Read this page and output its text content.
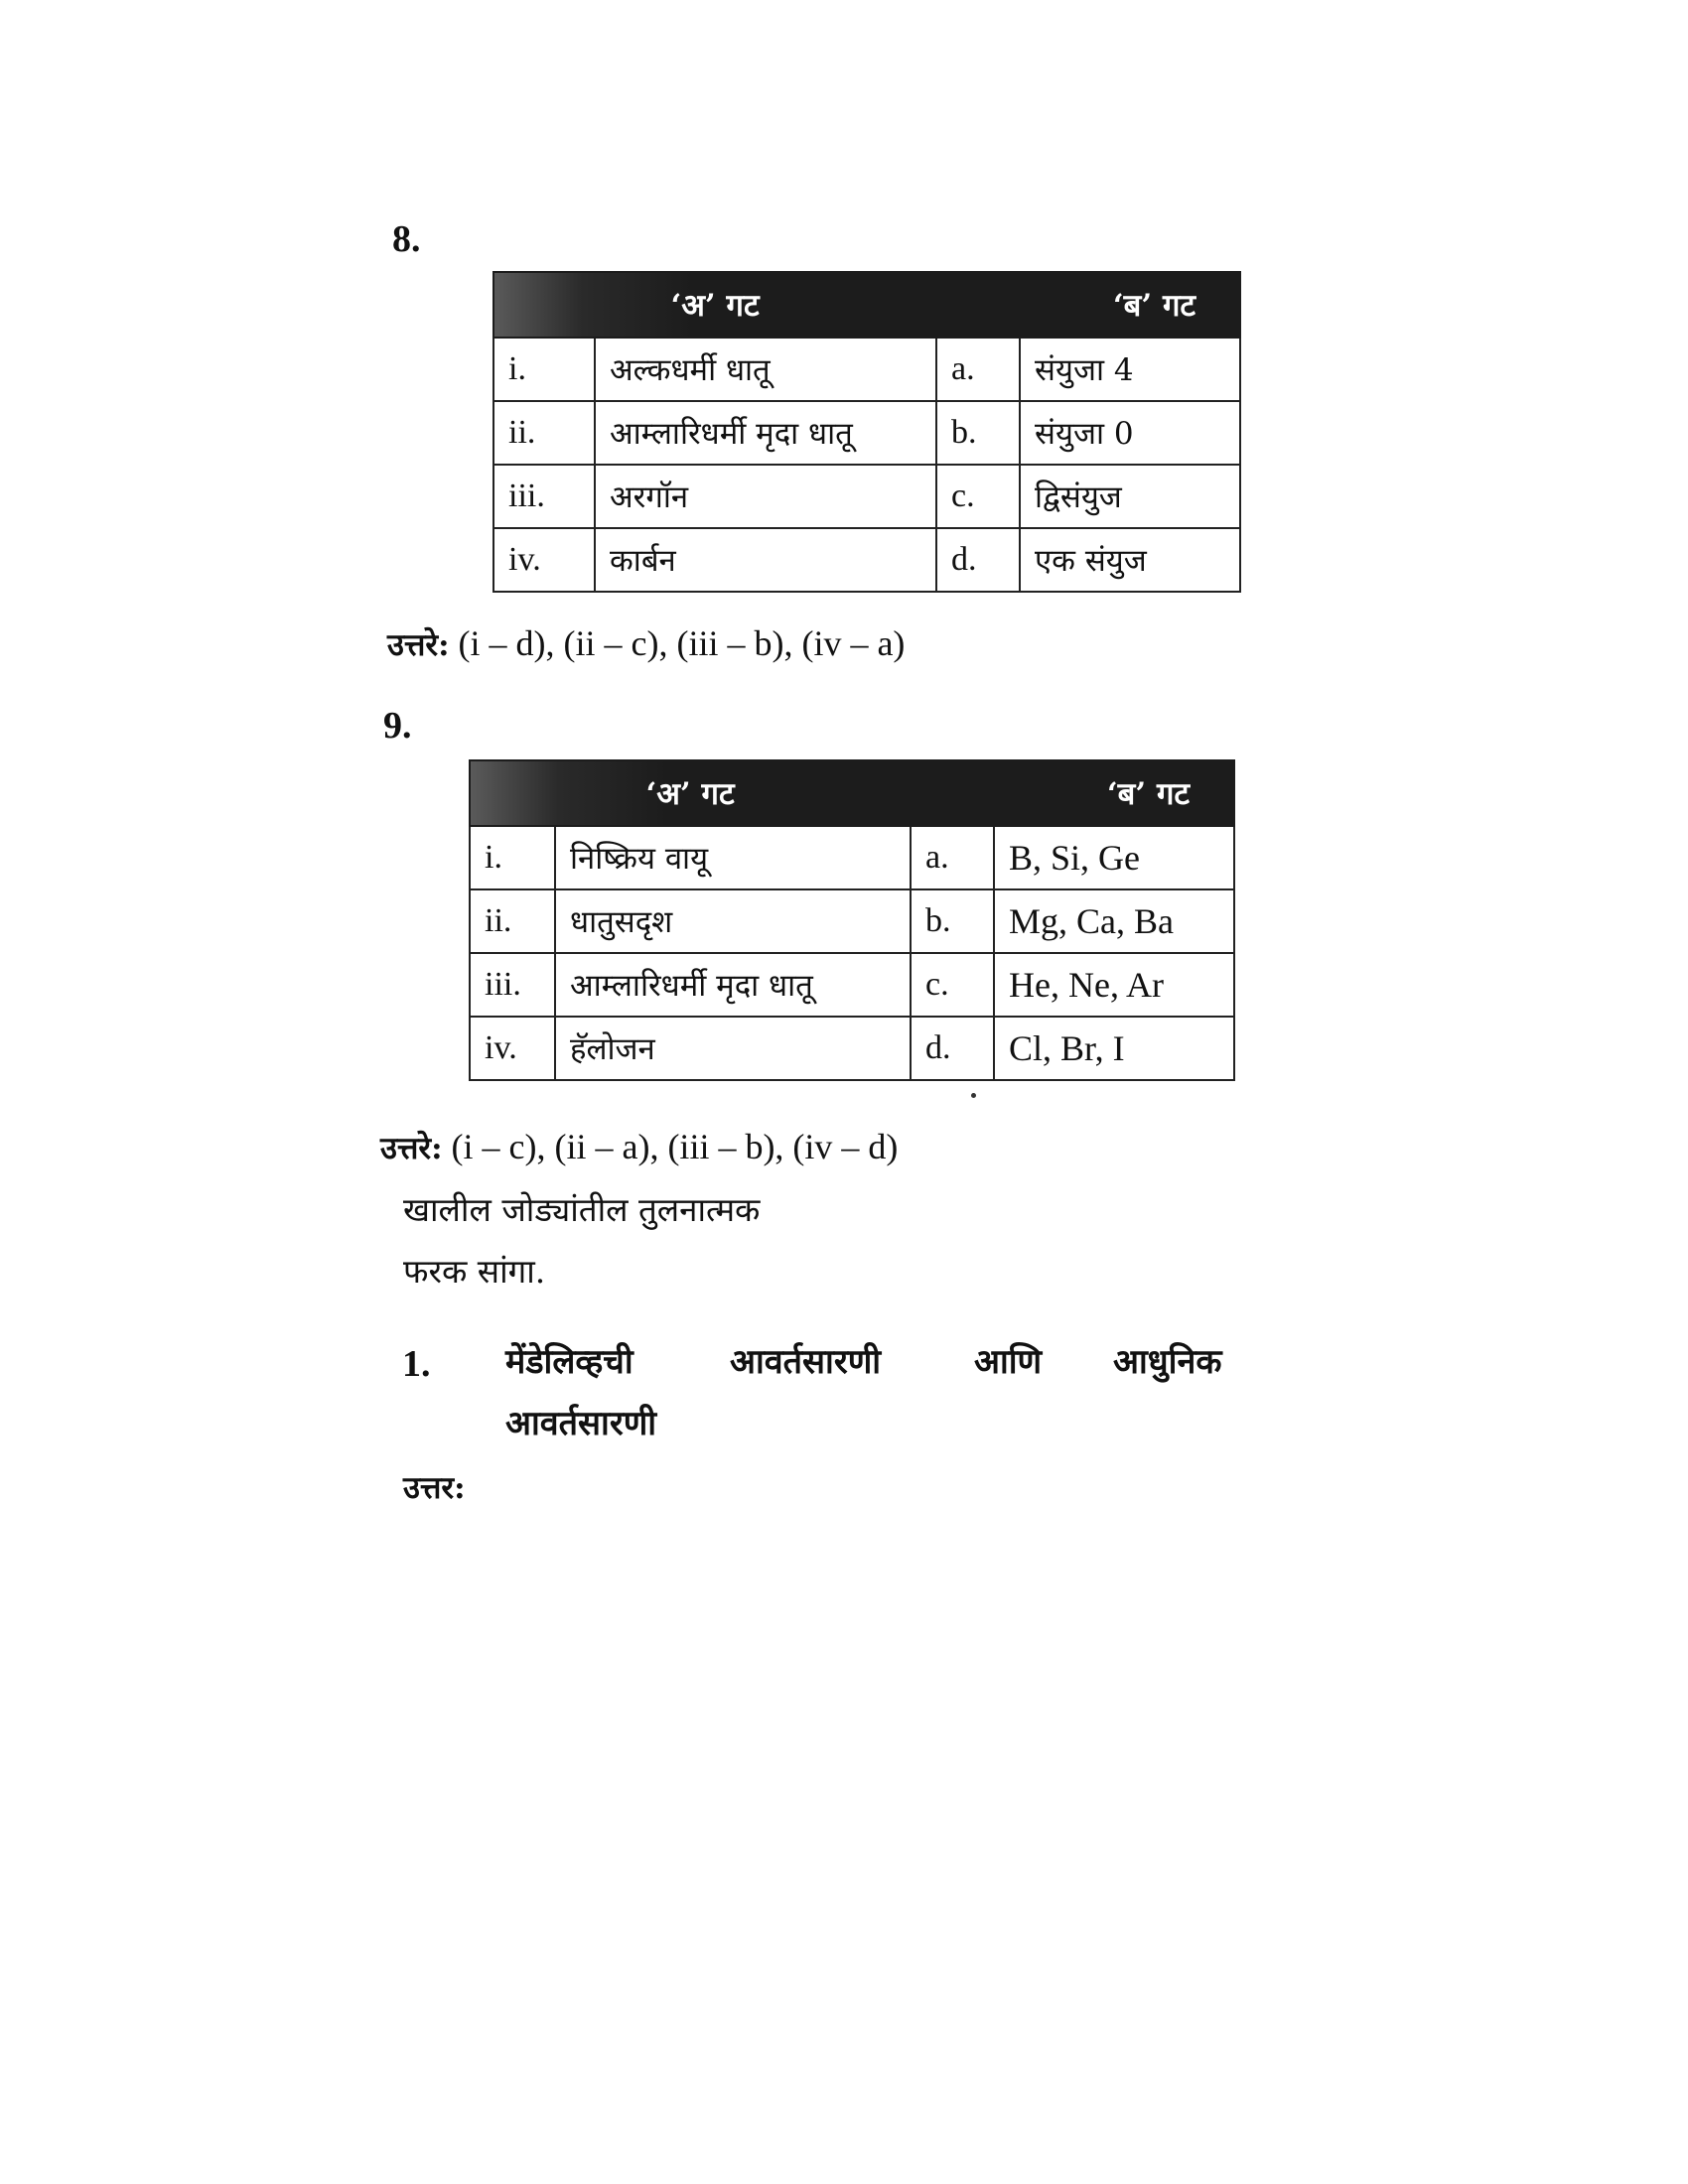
8.
‘अ’ गट		‘ब’ गट	
i.	अल्कधर्मी धातू	a.	संयुजा 4
ii.	आम्लारिधर्मी मृदा धातू	b.	संयुजा 0
iii.	अरगॉन	c.	द्विसंयुज
iv.	कार्बन	d.	एक संयुज
उत्तरे: (i – d), (ii – c), (iii – b), (iv – a)
9.
‘अ’ गट		‘ब’ गट	
i.	निष्क्रिय वायू	a.	B, Si, Ge
ii.	धातुसदृश	b.	Mg, Ca, Ba
iii.	आम्लारिधर्मी मृदा धातू	c.	He, Ne, Ar
iv.	हॅलोजन	d.	Cl, Br, I
उत्तरे: (i – c), (ii – a), (iii – b), (iv – d)
खालील जोड्यांतील तुलनात्मक
फरक सांगा.
1. मेंडेलिव्हची	आवर्तसारणी	आणि आधुनिक
आवर्तसारणी
उत्तर:
